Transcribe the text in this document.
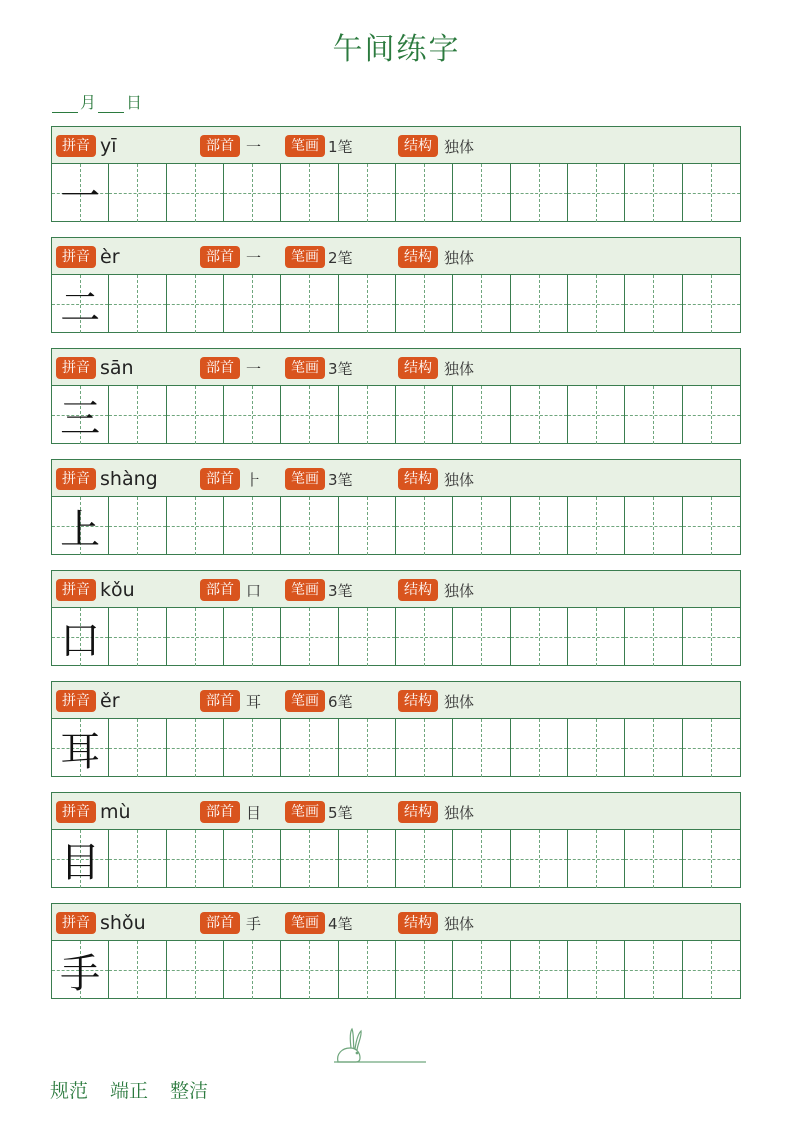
午间练字
月 日
拼音 yī	部首 一	笔画 1笔	结构 独体
一
拼音 èr	部首 一	笔画 2笔	结构 独体
二
拼音 sān	部首 一	笔画 3笔	结构 独体
三
拼音 shàng	部首 ⺊	笔画 3笔	结构 独体
上
拼音 kǒu	部首 口	笔画 3笔	结构 独体
口
拼音 ěr	部首 耳	笔画 6笔	结构 独体
耳
拼音 mù	部首 目	笔画 5笔	结构 独体
目
拼音 shǒu	部首 手	笔画 4笔	结构 独体
手
规范 端正 整洁
